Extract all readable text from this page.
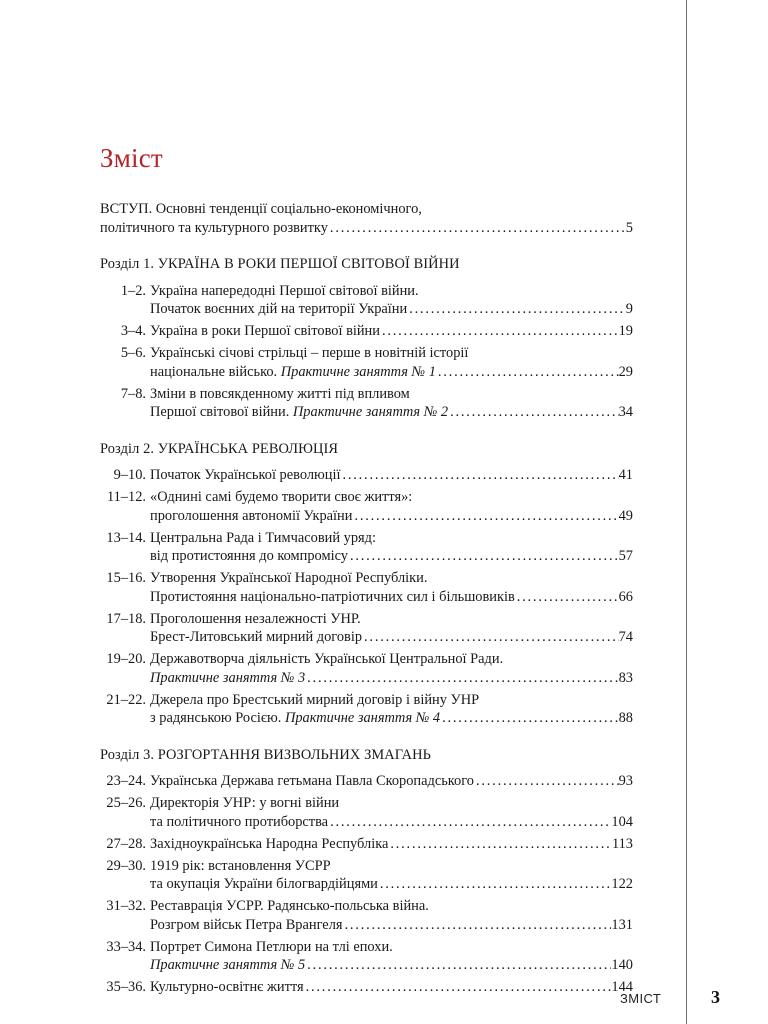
Зміст
ВСТУП. Основні тенденції соціально-економічного,
політичного та культурного розвитку . . .	5
Розділ 1. УКРАЇНА В РОКИ ПЕРШОЇ СВІТОВОЇ ВІЙНИ
1–2. Україна напередодні Першої світової війни.
Початок воєнних дій на території України . . .	9
3–4. Україна в роки Першої світової війни . . .	19
5–6. Українські січові стрільці – перше в новітній історії
національне військо. Практичне заняття № 1 . . .	29
7–8. Зміни в повсякденному житті під впливом
Першої світової війни. Практичне заняття № 2 . . .	34
Розділ 2. УКРАЇНСЬКА РЕВОЛЮЦІЯ
9–10. Початок Української революції . . .	41
11–12. «Однині самі будемо творити своє життя»:
проголошення автономії України . . .	49
13–14. Центральна Рада і Тимчасовий уряд:
від протистояння до компромісу . . .	57
15–16. Утворення Української Народної Республіки.
Протистояння національно-патріотичних сил і більшовиків . . .	66
17–18. Проголошення незалежності УНР.
Брест-Литовський мирний договір . . .	74
19–20. Державотворча діяльність Української Центральної Ради.
Практичне заняття № 3 . . .	83
21–22. Джерела про Брестський мирний договір і війну УНР
з радянською Росією. Практичне заняття № 4 . . .	88
Розділ 3. РОЗГОРТАННЯ ВИЗВОЛЬНИХ ЗМАГАНЬ
23–24. Українська Держава гетьмана Павла Скоропадського . . .	93
25–26. Директорія УНР: у вогні війни
та політичного протиборства . . .	104
27–28. Західноукраїнська Народна Республіка . . .	113
29–30. 1919 рік: встановлення УСРР
та окупація України білогвардійцями . . .	122
31–32. Реставрація УСРР. Радянсько-польська війна.
Розгром військ Петра Врангеля . . .	131
33–34. Портрет Симона Петлюри на тлі епохи.
Практичне заняття № 5 . . .	140
35–36. Культурно-освітнє життя . . .	144
ЗМІСТ	3
